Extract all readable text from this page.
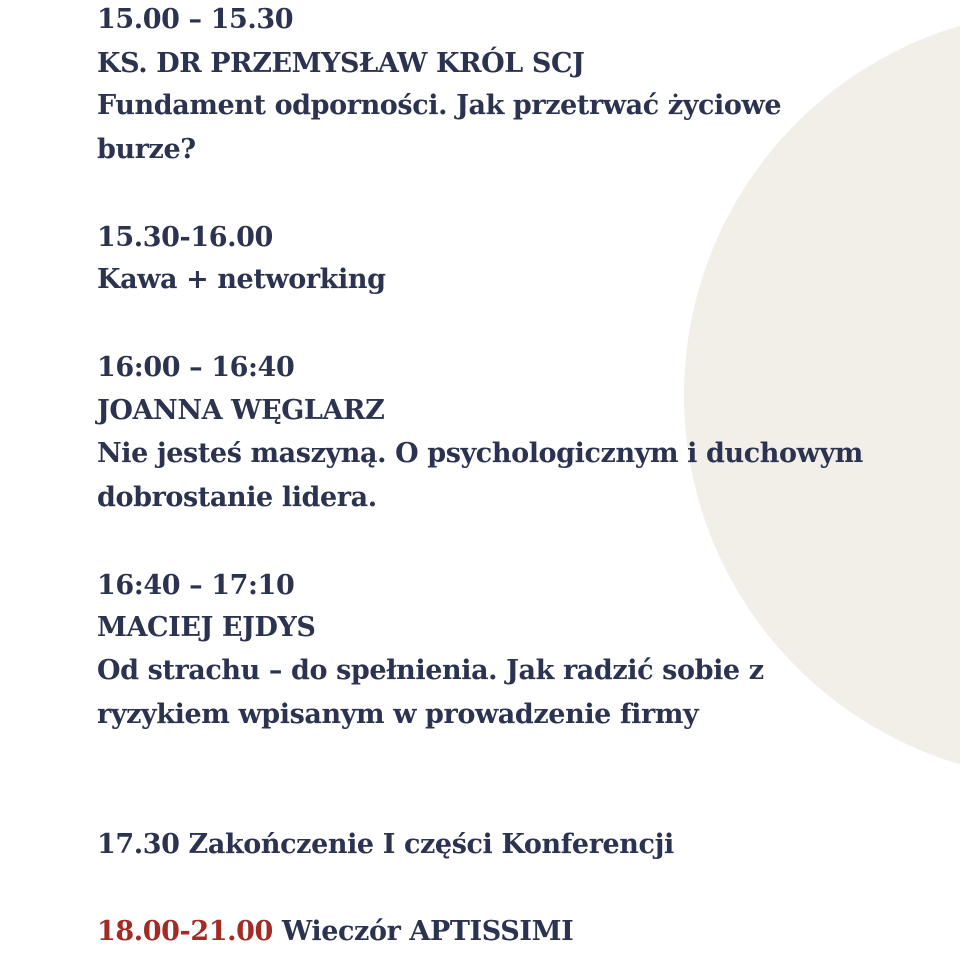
15.00 – 15.30
KS. DR PRZEMYSŁAW KRÓL SCJ
Fundament odporności. Jak przetrwać życiowe
burze?
15.30-16.00
Kawa + networking
16:00 – 16:40
JOANNA WĘGLARZ
Nie jesteś maszyną. O psychologicznym i duchowym
dobrostanie lidera.
16:40 – 17:10
MACIEJ EJDYS
Od strachu – do spełnienia. Jak radzić sobie z
ryzykiem wpisanym w prowadzenie firmy
17.30 Zakończenie I części Konferencji
18.00-21.00 Wieczór APTISSIMI
